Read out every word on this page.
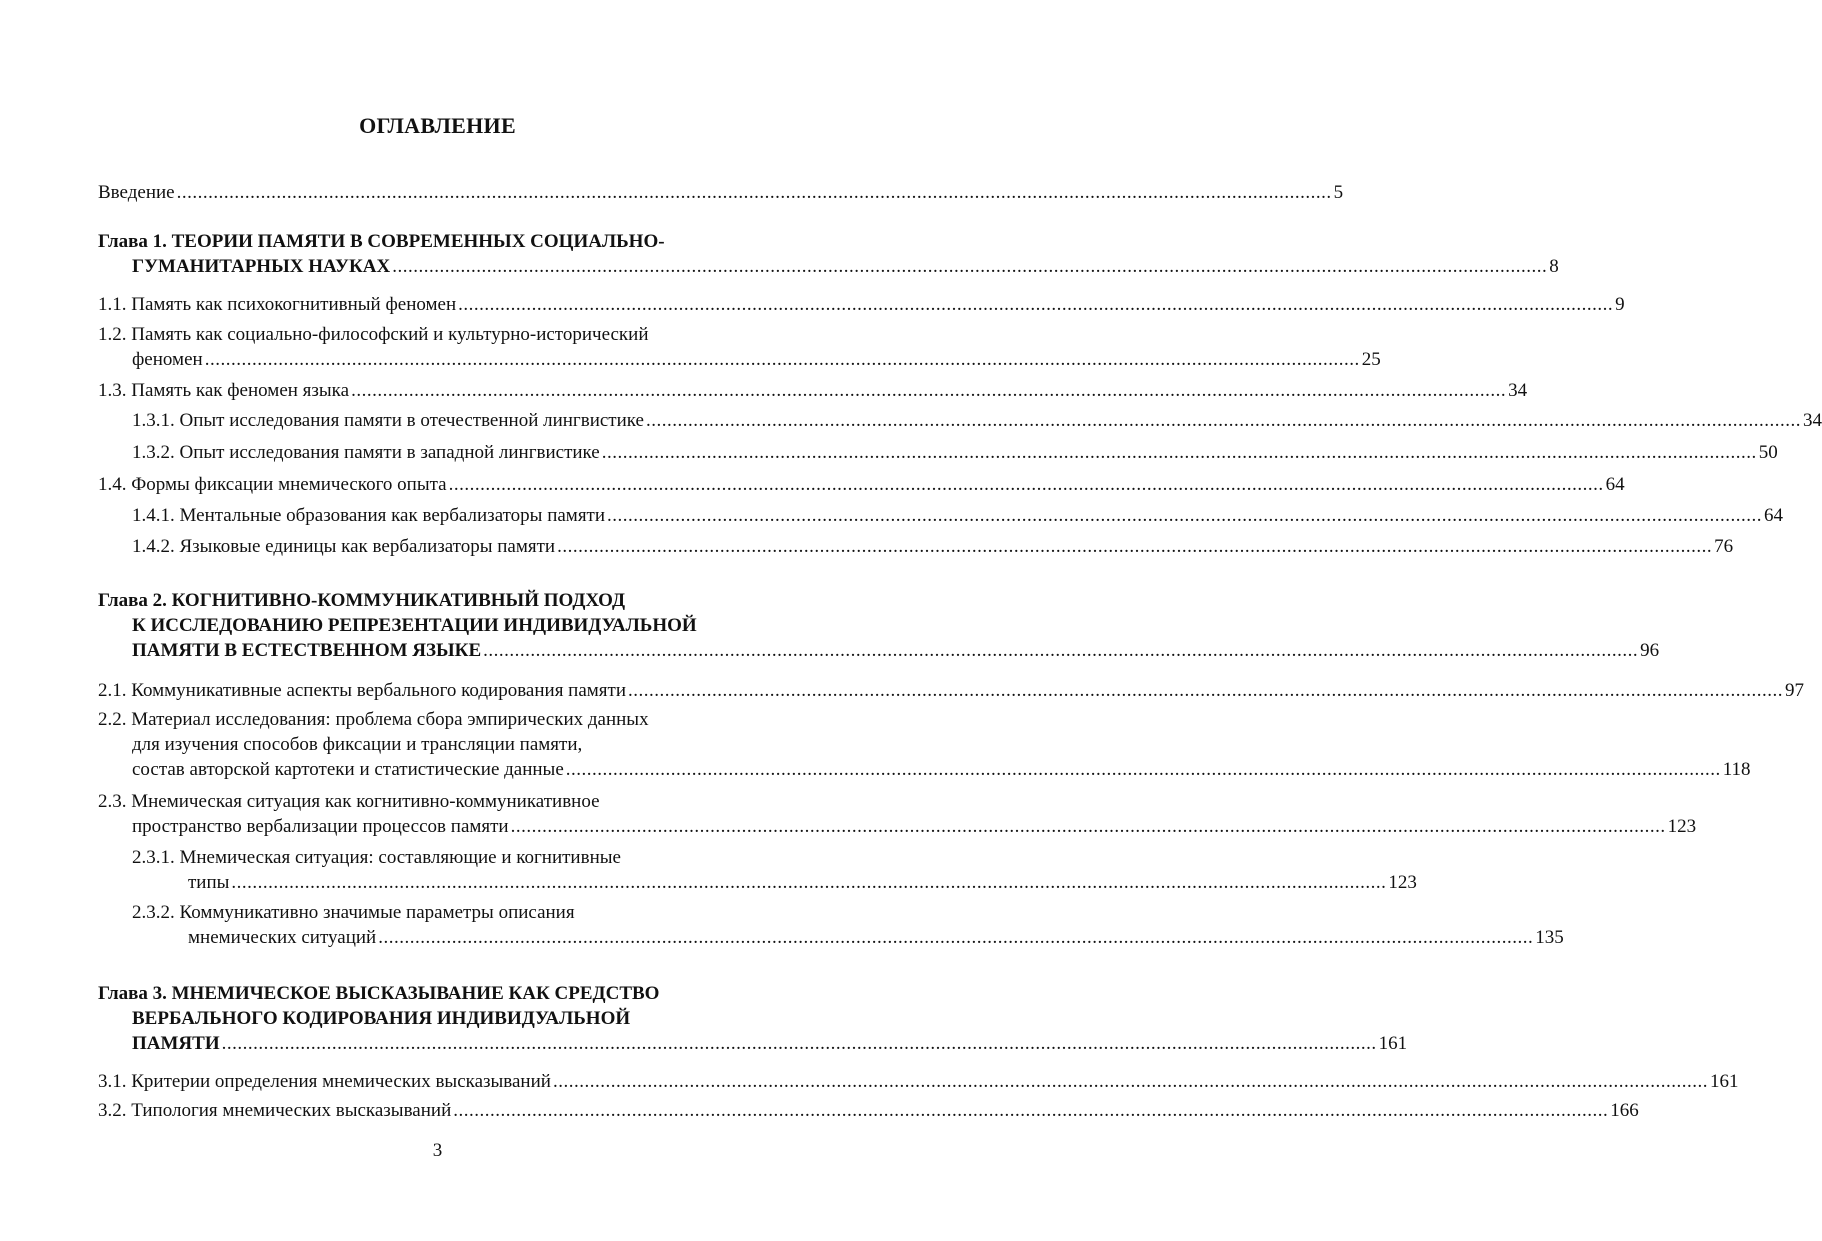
ОГЛАВЛЕНИЕ
Введение ............................................................................................................................................................................................................................ 5
Глава 1. ТЕОРИИ ПАМЯТИ В СОВРЕМЕННЫХ СОЦИАЛЬНО-
ГУМАНИТАРНЫХ НАУКАХ ............................................................................................................................................................................................................................ 8
1.1. Память как психокогнитивный феномен ............................................................................................................................................................................................................................ 9
1.2. Память как социально-философский и культурно-исторический
феномен ............................................................................................................................................................................................................................ 25
1.3. Память как феномен языка ............................................................................................................................................................................................................................ 34
1.3.1. Опыт исследования памяти в отечественной лингвистике ............................................................................................................................................................................................................................ 34
1.3.2. Опыт исследования памяти в западной лингвистике ............................................................................................................................................................................................................................ 50
1.4. Формы фиксации мнемического опыта ............................................................................................................................................................................................................................ 64
1.4.1. Ментальные образования как вербализаторы памяти ............................................................................................................................................................................................................................ 64
1.4.2. Языковые единицы как вербализаторы памяти ............................................................................................................................................................................................................................ 76
Глава 2. КОГНИТИВНО-КОММУНИКАТИВНЫЙ ПОДХОД
К ИССЛЕДОВАНИЮ РЕПРЕЗЕНТАЦИИ ИНДИВИДУАЛЬНОЙ
ПАМЯТИ В ЕСТЕСТВЕННОМ ЯЗЫКЕ ............................................................................................................................................................................................................................ 96
2.1. Коммуникативные аспекты вербального кодирования памяти ............................................................................................................................................................................................................................ 97
2.2. Материал исследования: проблема сбора эмпирических данных
для изучения способов фиксации и трансляции памяти,
состав авторской картотеки и статистические данные ............................................................................................................................................................................................................................ 118
2.3. Мнемическая ситуация как когнитивно-коммуникативное
пространство вербализации процессов памяти ............................................................................................................................................................................................................................ 123
2.3.1. Мнемическая ситуация: составляющие и когнитивные
типы ............................................................................................................................................................................................................................ 123
2.3.2. Коммуникативно значимые параметры описания
мнемических ситуаций ............................................................................................................................................................................................................................ 135
Глава 3. МНЕМИЧЕСКОЕ ВЫСКАЗЫВАНИЕ КАК СРЕДСТВО
ВЕРБАЛЬНОГО КОДИРОВАНИЯ ИНДИВИДУАЛЬНОЙ
ПАМЯТИ ............................................................................................................................................................................................................................ 161
3.1. Критерии определения мнемических высказываний ............................................................................................................................................................................................................................ 161
3.2. Типология мнемических высказываний ............................................................................................................................................................................................................................ 166
3
